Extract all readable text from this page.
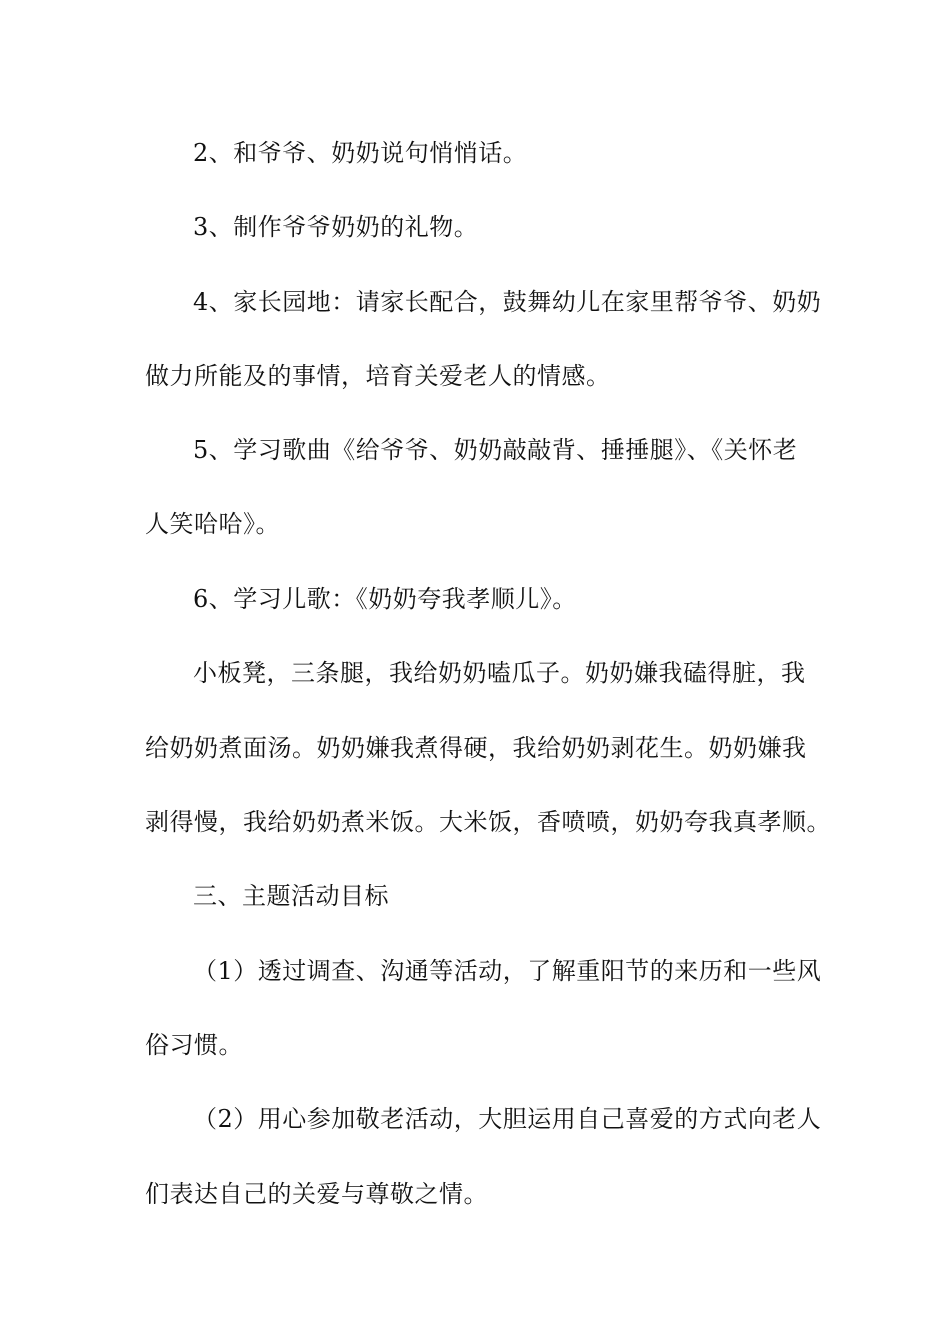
2、和爷爷、奶奶说句悄悄话。
3、制作爷爷奶奶的礼物。
4、家长园地：请家长配合，鼓舞幼儿在家里帮爷爷、奶奶
做力所能及的事情，培育关爱老人的情感。
5、学习歌曲《给爷爷、奶奶敲敲背、捶捶腿》、《关怀老
人笑哈哈》。
6、学习儿歌：《奶奶夸我孝顺儿》。
小板凳，三条腿，我给奶奶嗑瓜子。奶奶嫌我磕得脏，我
给奶奶煮面汤。奶奶嫌我煮得硬，我给奶奶剥花生。奶奶嫌我
剥得慢，我给奶奶煮米饭。大米饭，香喷喷，奶奶夸我真孝顺。
三、主题活动目标
（1）透过调查、沟通等活动，了解重阳节的来历和一些风
俗习惯。
（2）用心参加敬老活动，大胆运用自己喜爱的方式向老人
们表达自己的关爱与尊敬之情。
